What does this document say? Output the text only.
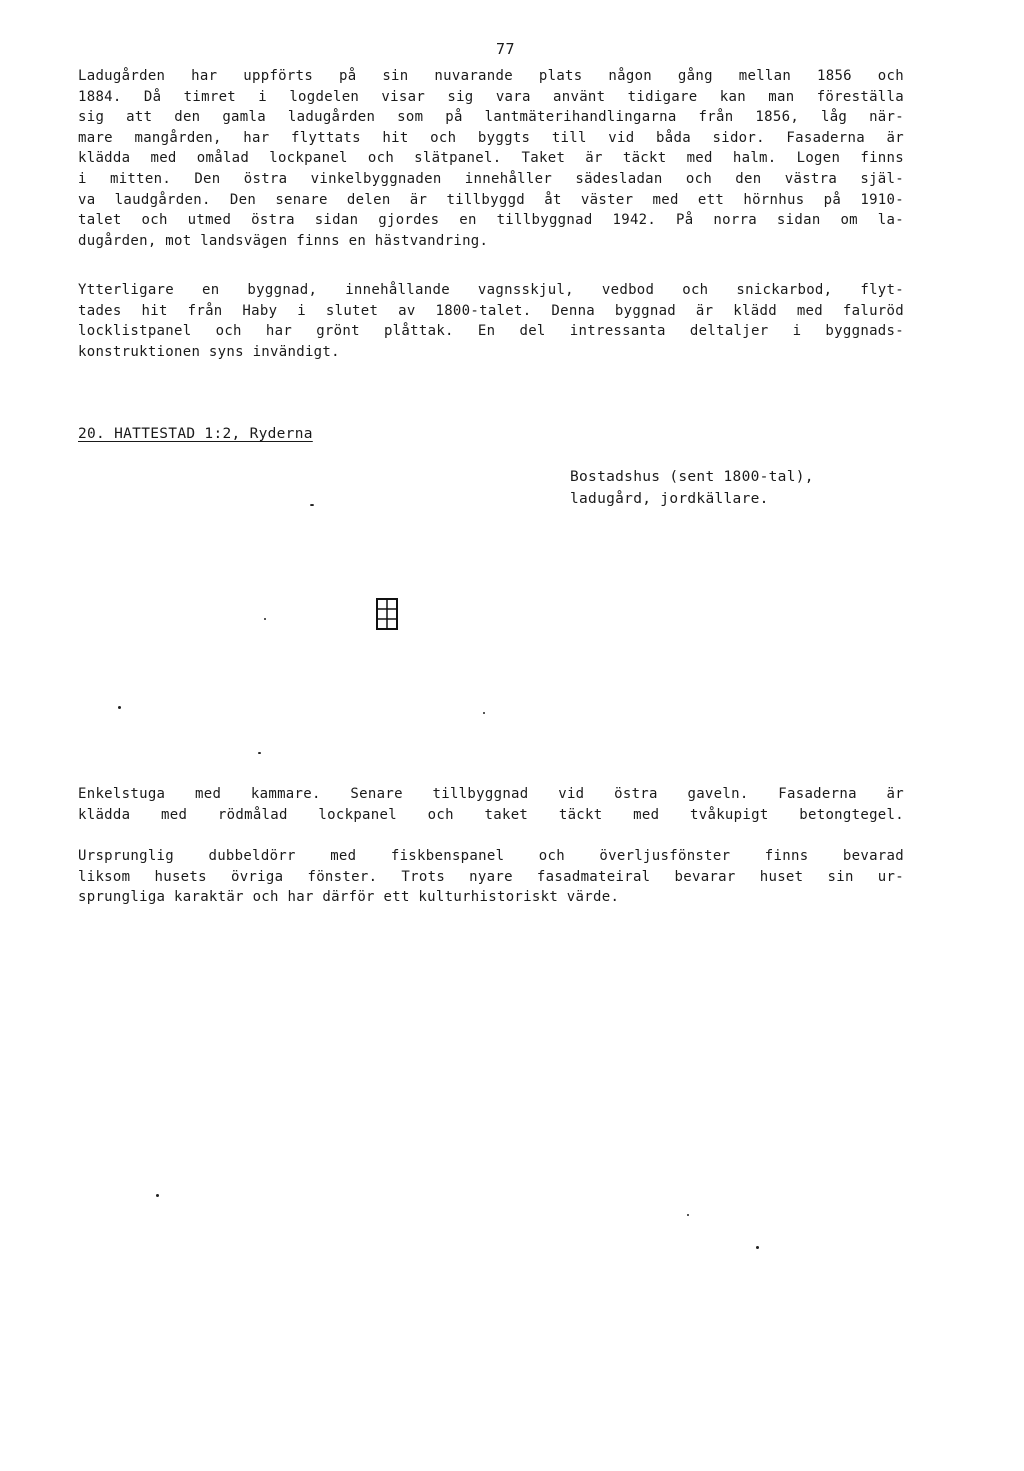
77
Ladugården har uppförts på sin nuvarande plats någon gång mellan 1856 och
1884. Då timret i logdelen visar sig vara använt tidigare kan man föreställa
sig att den gamla ladugården som på lantmäterihandlingarna från 1856, låg när-
mare mangården, har flyttats hit och byggts till vid båda sidor. Fasaderna är
klädda med omålad lockpanel och slätpanel. Taket är täckt med halm. Logen finns
i mitten. Den östra vinkelbyggnaden innehåller sädesladan och den västra själ-
va laudgården. Den senare delen är tillbyggd åt väster med ett hörnhus på 1910-
talet och utmed östra sidan gjordes en tillbyggnad 1942. På norra sidan om la-
dugården, mot landsvägen finns en hästvandring.
Ytterligare en byggnad, innehållande vagnsskjul, vedbod och snickarbod, flyt-
tades hit från Haby i slutet av 1800-talet. Denna byggnad är klädd med faluröd
locklistpanel och har grönt plåttak. En del intressanta deltaljer i byggnads-
konstruktionen syns invändigt.
20. HATTESTAD 1:2, Ryderna
Bostadshus (sent 1800-tal),
ladugård, jordkällare.
Enkelstuga med kammare. Senare tillbyggnad vid östra gaveln. Fasaderna är
klädda med rödmålad lockpanel och taket täckt med tvåkupigt betongtegel.
Ursprunglig dubbeldörr med fiskbenspanel och överljusfönster finns bevarad
liksom husets övriga fönster. Trots nyare fasadmateiral bevarar huset sin ur-
sprungliga karaktär och har därför ett kulturhistoriskt värde.
